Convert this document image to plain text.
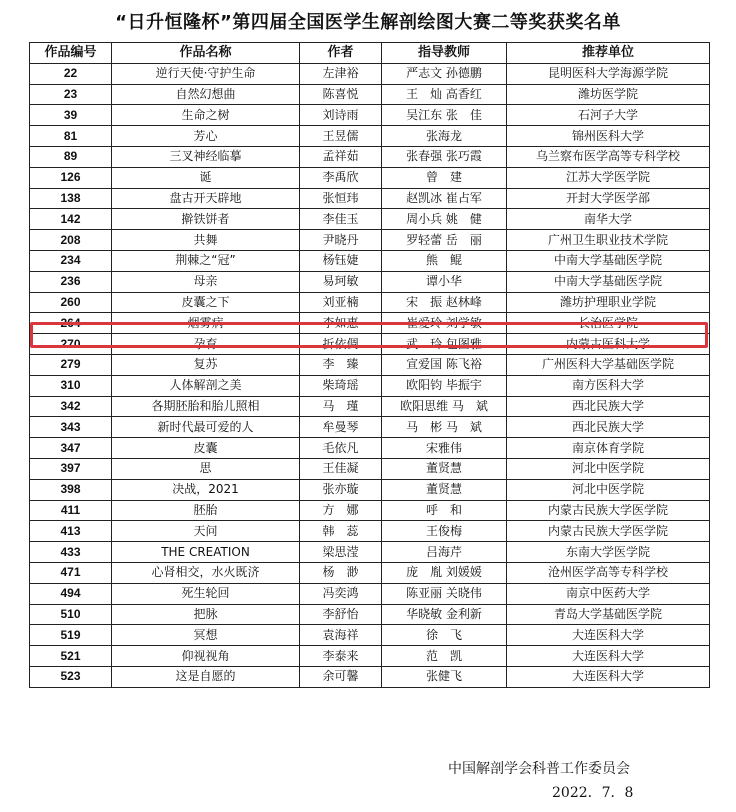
“日升恒隆杯”第四届全国医学生解剖绘图大赛二等奖获奖名单
作品编号	作品名称	作者	指导教师	推荐单位
22	逆行天使·守护生命	左津裕	严志文 孙德鹏	昆明医科大学海源学院
23	自然幻想曲	陈喜悦	王　灿 高香红	潍坊医学院
39	生命之树	刘诗雨	吴江东 张　佳	石河子大学
81	芳心	王昱儒	张海龙	锦州医科大学
89	三叉神经临摹	孟祥茹	张春强 张巧霞	乌兰察布医学高等专科学校
126	诞	李禹欣	曾　建	江苏大学医学院
138	盘古开天辟地	张恒玮	赵凯冰 崔占军	开封大学医学部
142	擀铁饼者	李佳玉	周小兵 姚　健	南华大学
208	共舞	尹晓丹	罗轻蕾 岳　丽	广州卫生职业技术学院
234	荆棘之“冠”	杨钰婕	熊　鲲	中南大学基础医学院
236	母亲	易珂敏	谭小华	中南大学基础医学院
260	皮囊之下	刘亚楠	宋　振 赵林峰	潍坊护理职业学院
264	烟雾病	李如惠	崔爱玲 刘学敏	长治医学院
270	孕育	折依倜	武　玲 包图雅	内蒙古医科大学
279	复苏	李　臻	宣爱国 陈飞裕	广州医科大学基础医学院
310	人体解剖之美	柴琦瑶	欧阳钧 毕振宇	南方医科大学
342	各期胚胎和胎儿照相	马　瑾	欧阳思维 马　斌	西北民族大学
343	新时代最可爱的人	牟曼琴	马　彬 马　斌	西北民族大学
347	皮囊	毛依凡	宋雅伟	南京体育学院
397	思	王佳凝	董贤慧	河北中医学院
398	决战，2021	张亦璇	董贤慧	河北中医学院
411	胚胎	方　娜	呼　和	内蒙古民族大学医学院
413	天问	韩　蕊	王俊梅	内蒙古民族大学医学院
433	THE CREATION	梁思滢	吕海芹	东南大学医学院
471	心肾相交，水火既济	杨　渺	庞　胤 刘媛媛	沧州医学高等专科学校
494	死生轮回	冯奕鸿	陈亚丽 关晓伟	南京中医药大学
510	把脉	李舒怡	华晓敏 金利新	青岛大学基础医学院
519	冥想	袁海祥	徐　飞	大连医科大学
521	仰视视角	李泰来	范　凯	大连医科大学
523	这是自愿的	余可馨	张健飞	大连医科大学
中国解剖学会科普工作委员会
2022．7．8
